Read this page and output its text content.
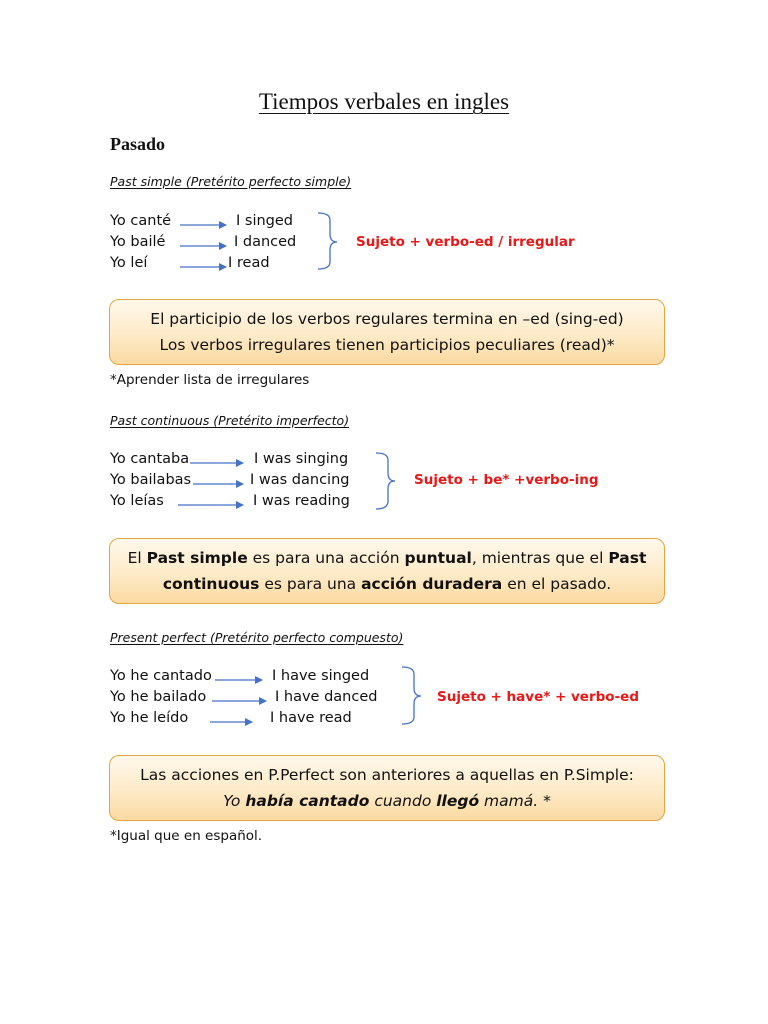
Tiempos verbales en ingles
Pasado
Past simple (Pretérito perfecto simple)
Yo canté
Yo bailé
Yo leí
I singed
I danced
I read
Sujeto + verbo-ed / irregular
El participio de los verbos regulares termina en –ed (sing-ed)
Los verbos irregulares tienen participios peculiares (read)*
*Aprender lista de irregulares
Past continuous (Pretérito imperfecto)
Yo cantaba
Yo bailabas
Yo leías
I was singing
I was dancing
I was reading
Sujeto + be* +verbo-ing
El Past simple es para una acción puntual, mientras que el Past
continuous es para una acción duradera en el pasado.
Present perfect (Pretérito perfecto compuesto)
Yo he cantado
Yo he bailado
Yo he leído
I have singed
I have danced
I have read
Sujeto + have* + verbo-ed
Las acciones en P.Perfect son anteriores a aquellas en P.Simple:
Yo había cantado cuando llegó mamá. *
*Igual que en español.
